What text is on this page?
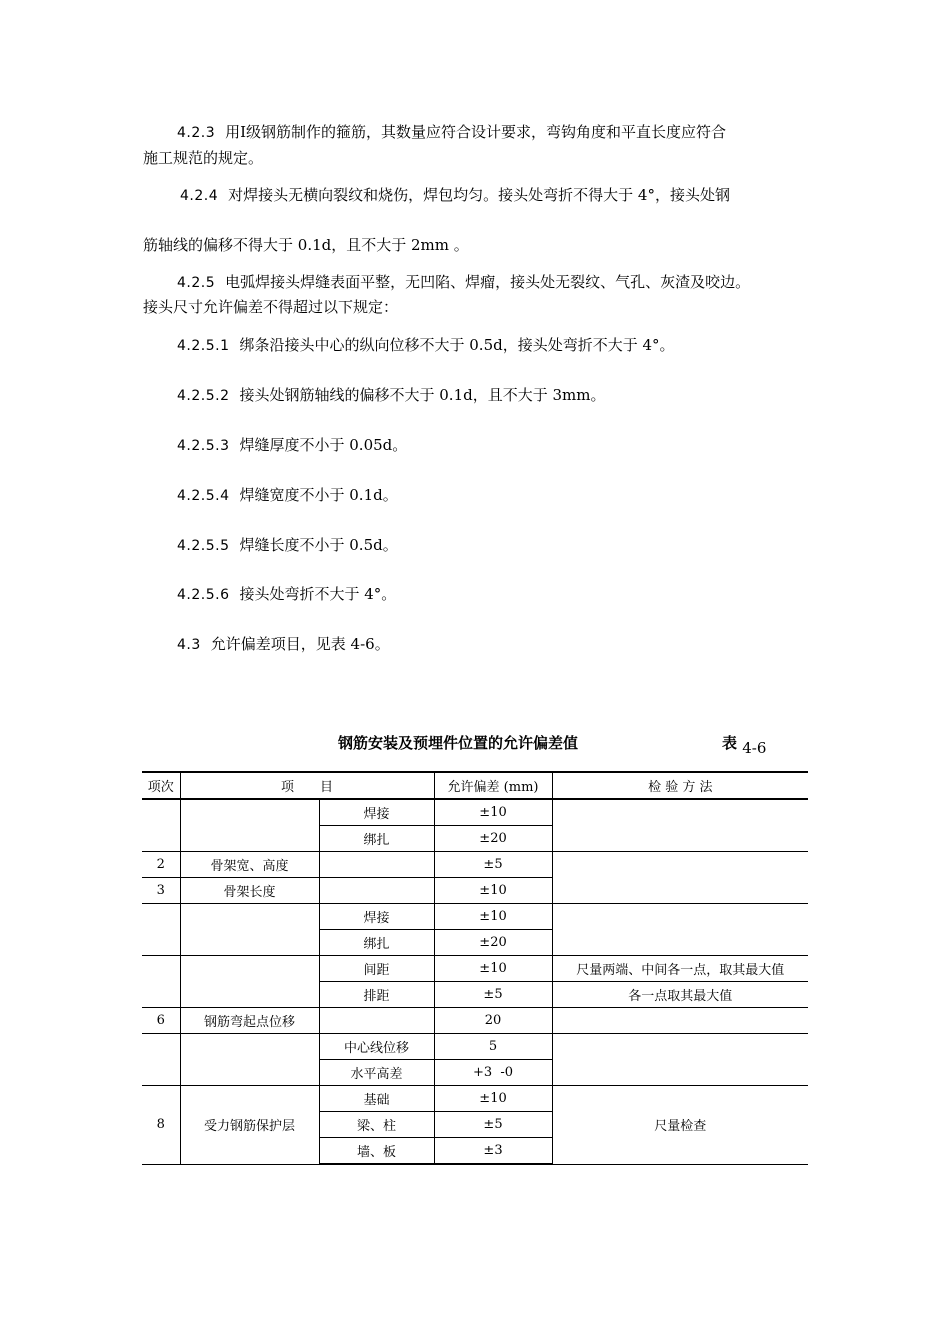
4.2.3 用Ⅰ级钢筋制作的箍筋，其数量应符合设计要求，弯钩角度和平直长度应符合
施工规范的规定。
4.2.4 对焊接头无横向裂纹和烧伤，焊包均匀。接头处弯折不得大于 4°，接头处钢
筋轴线的偏移不得大于 0.1d，且不大于 2mm 。
4.2.5 电弧焊接头焊缝表面平整，无凹陷、焊瘤，接头处无裂纹、气孔、灰渣及咬边。
接头尺寸允许偏差不得超过以下规定：
4.2.5.1 绑条沿接头中心的纵向位移不大于 0.5d，接头处弯折不大于 4°。
4.2.5.2 接头处钢筋轴线的偏移不大于 0.1d，且不大于 3mm。
4.2.5.3 焊缝厚度不小于 0.05d。
4.2.5.4 焊缝宽度不小于 0.1d。
4.2.5.5 焊缝长度不小于 0.5d。
4.2.5.6 接头处弯折不大于 4°。
4.3 允许偏差项目，见表 4-6。
钢筋安装及预埋件位置的允许偏差值	表 4-6
项次	项　　目		允许偏差 (mm)	检 验 方 法
		焊接	±10	
		绑扎	±20	
2	骨架宽、高度		±5	
3	骨架长度		±10	
		焊接	±10	
		绑扎	±20	
		间距	±10	尺量两端、中间各一点，取其最大值
		排距	±5	各一点取其最大值
6	钢筋弯起点位移		20	
		中心线位移	5	
		水平高差	+3  -0	
8	受力钢筋保护层	基础	±10	尺量检查
		梁、柱	±5	
		墙、板	±3	
